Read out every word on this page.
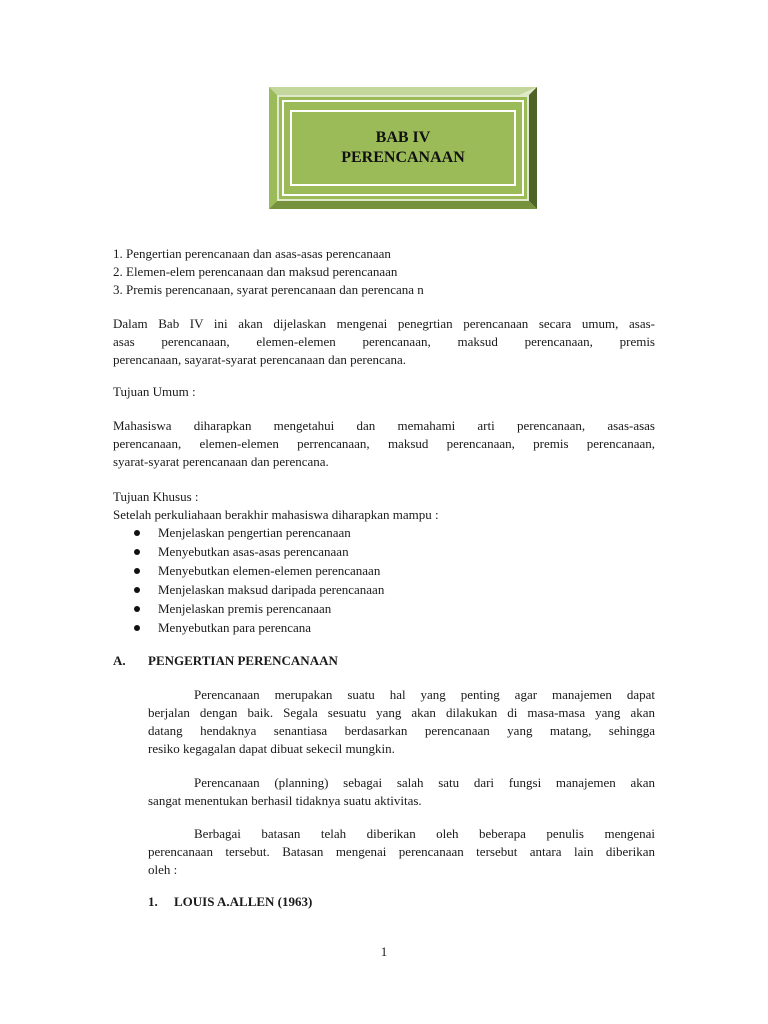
BAB IV
PERENCANAAN
1. Pengertian perencanaan dan asas-asas perencanaan
2. Elemen-elem perencanaan dan maksud perencanaan
3. Premis perencanaan, syarat perencanaan dan perencana n

Dalam Bab IV ini akan dijelaskan mengenai penegrtian perencanaan secara umum, asas-

asas perencanaan, elemen-elemen perencanaan, maksud perencanaan, premis

perencanaan, sayarat-syarat perencanaan dan perencana.

Tujuan Umum :

Mahasiswa diharapkan mengetahui dan memahami arti perencanaan, asas-asas

perencanaan, elemen-elemen perrencanaan, maksud perencanaan, premis perencanaan,

syarat-syarat perencanaan dan perencana.

Tujuan Khusus :
Setelah perkuliahaan berakhir mahasiswa diharapkan mampu :
Menjelaskan pengertian perencanaan
Menyebutkan asas-asas perencanaan
Menyebutkan elemen-elemen perencanaan
Menjelaskan maksud daripada perencanaan
Menjelaskan premis perencanaan
Menyebutkan para perencana
A. PENGERTIAN PERENCANAAN

Perencanaan merupakan suatu hal yang penting agar manajemen dapat

berjalan dengan baik. Segala sesuatu yang akan dilakukan di masa-masa yang akan

datang hendaknya senantiasa berdasarkan perencanaan yang matang, sehingga

resiko kegagalan dapat dibuat sekecil mungkin.

Perencanaan (planning) sebagai salah satu dari fungsi manajemen akan

sangat menentukan berhasil tidaknya suatu aktivitas.

Berbagai batasan telah diberikan oleh beberapa penulis mengenai

perencanaan tersebut. Batasan mengenai perencanaan tersebut antara lain diberikan

oleh :

1. LOUIS A.ALLEN (1963)
1
